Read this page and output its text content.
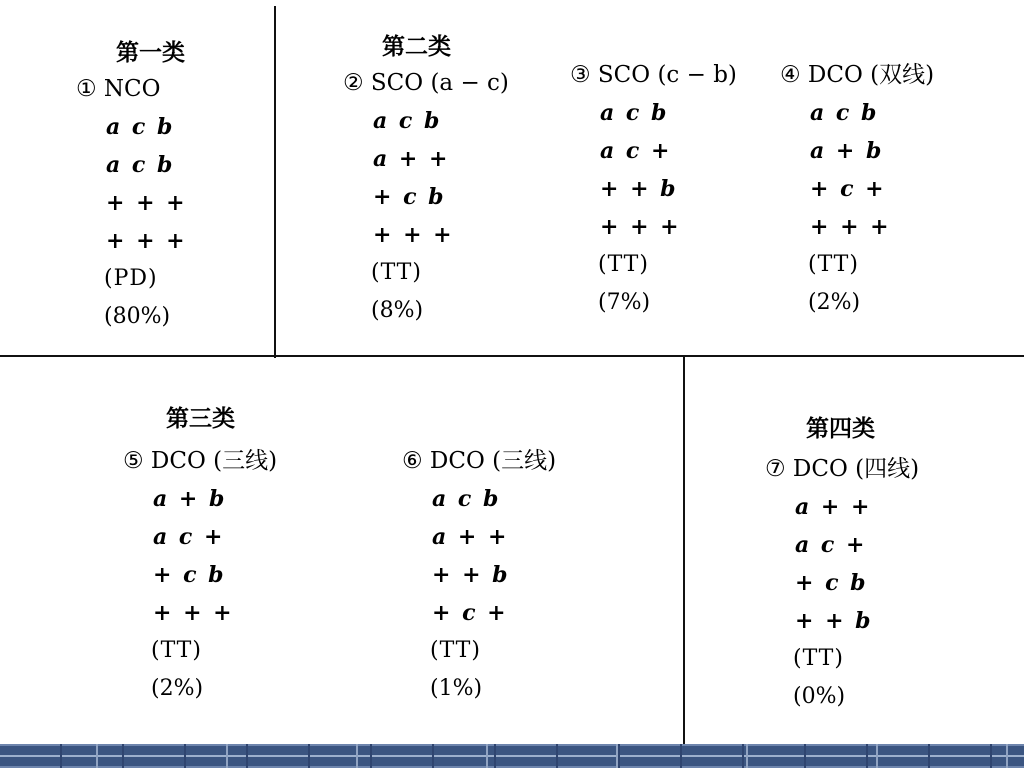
第一类	第二类
第三类	第四类
① NCO
a c b
a c b
+ + +
+ + +
(PD)
(80%)
② SCO (a − c)
a c b
a + +
+ c b
+ + +
(TT)
(8%)
③ SCO (c − b)
a c b
a c +
+ + b
+ + +
(TT)
(7%)
④ DCO (双线)
a c b
a + b
+ c +
+ + +
(TT)
(2%)
⑤ DCO (三线)
a + b
a c +
+ c b
+ + +
(TT)
(2%)
⑥ DCO (三线)
a c b
a + +
+ + b
+ c +
(TT)
(1%)
⑦ DCO (四线)
a + +
a c +
+ c b
+ + b
(TT)
(0%)
